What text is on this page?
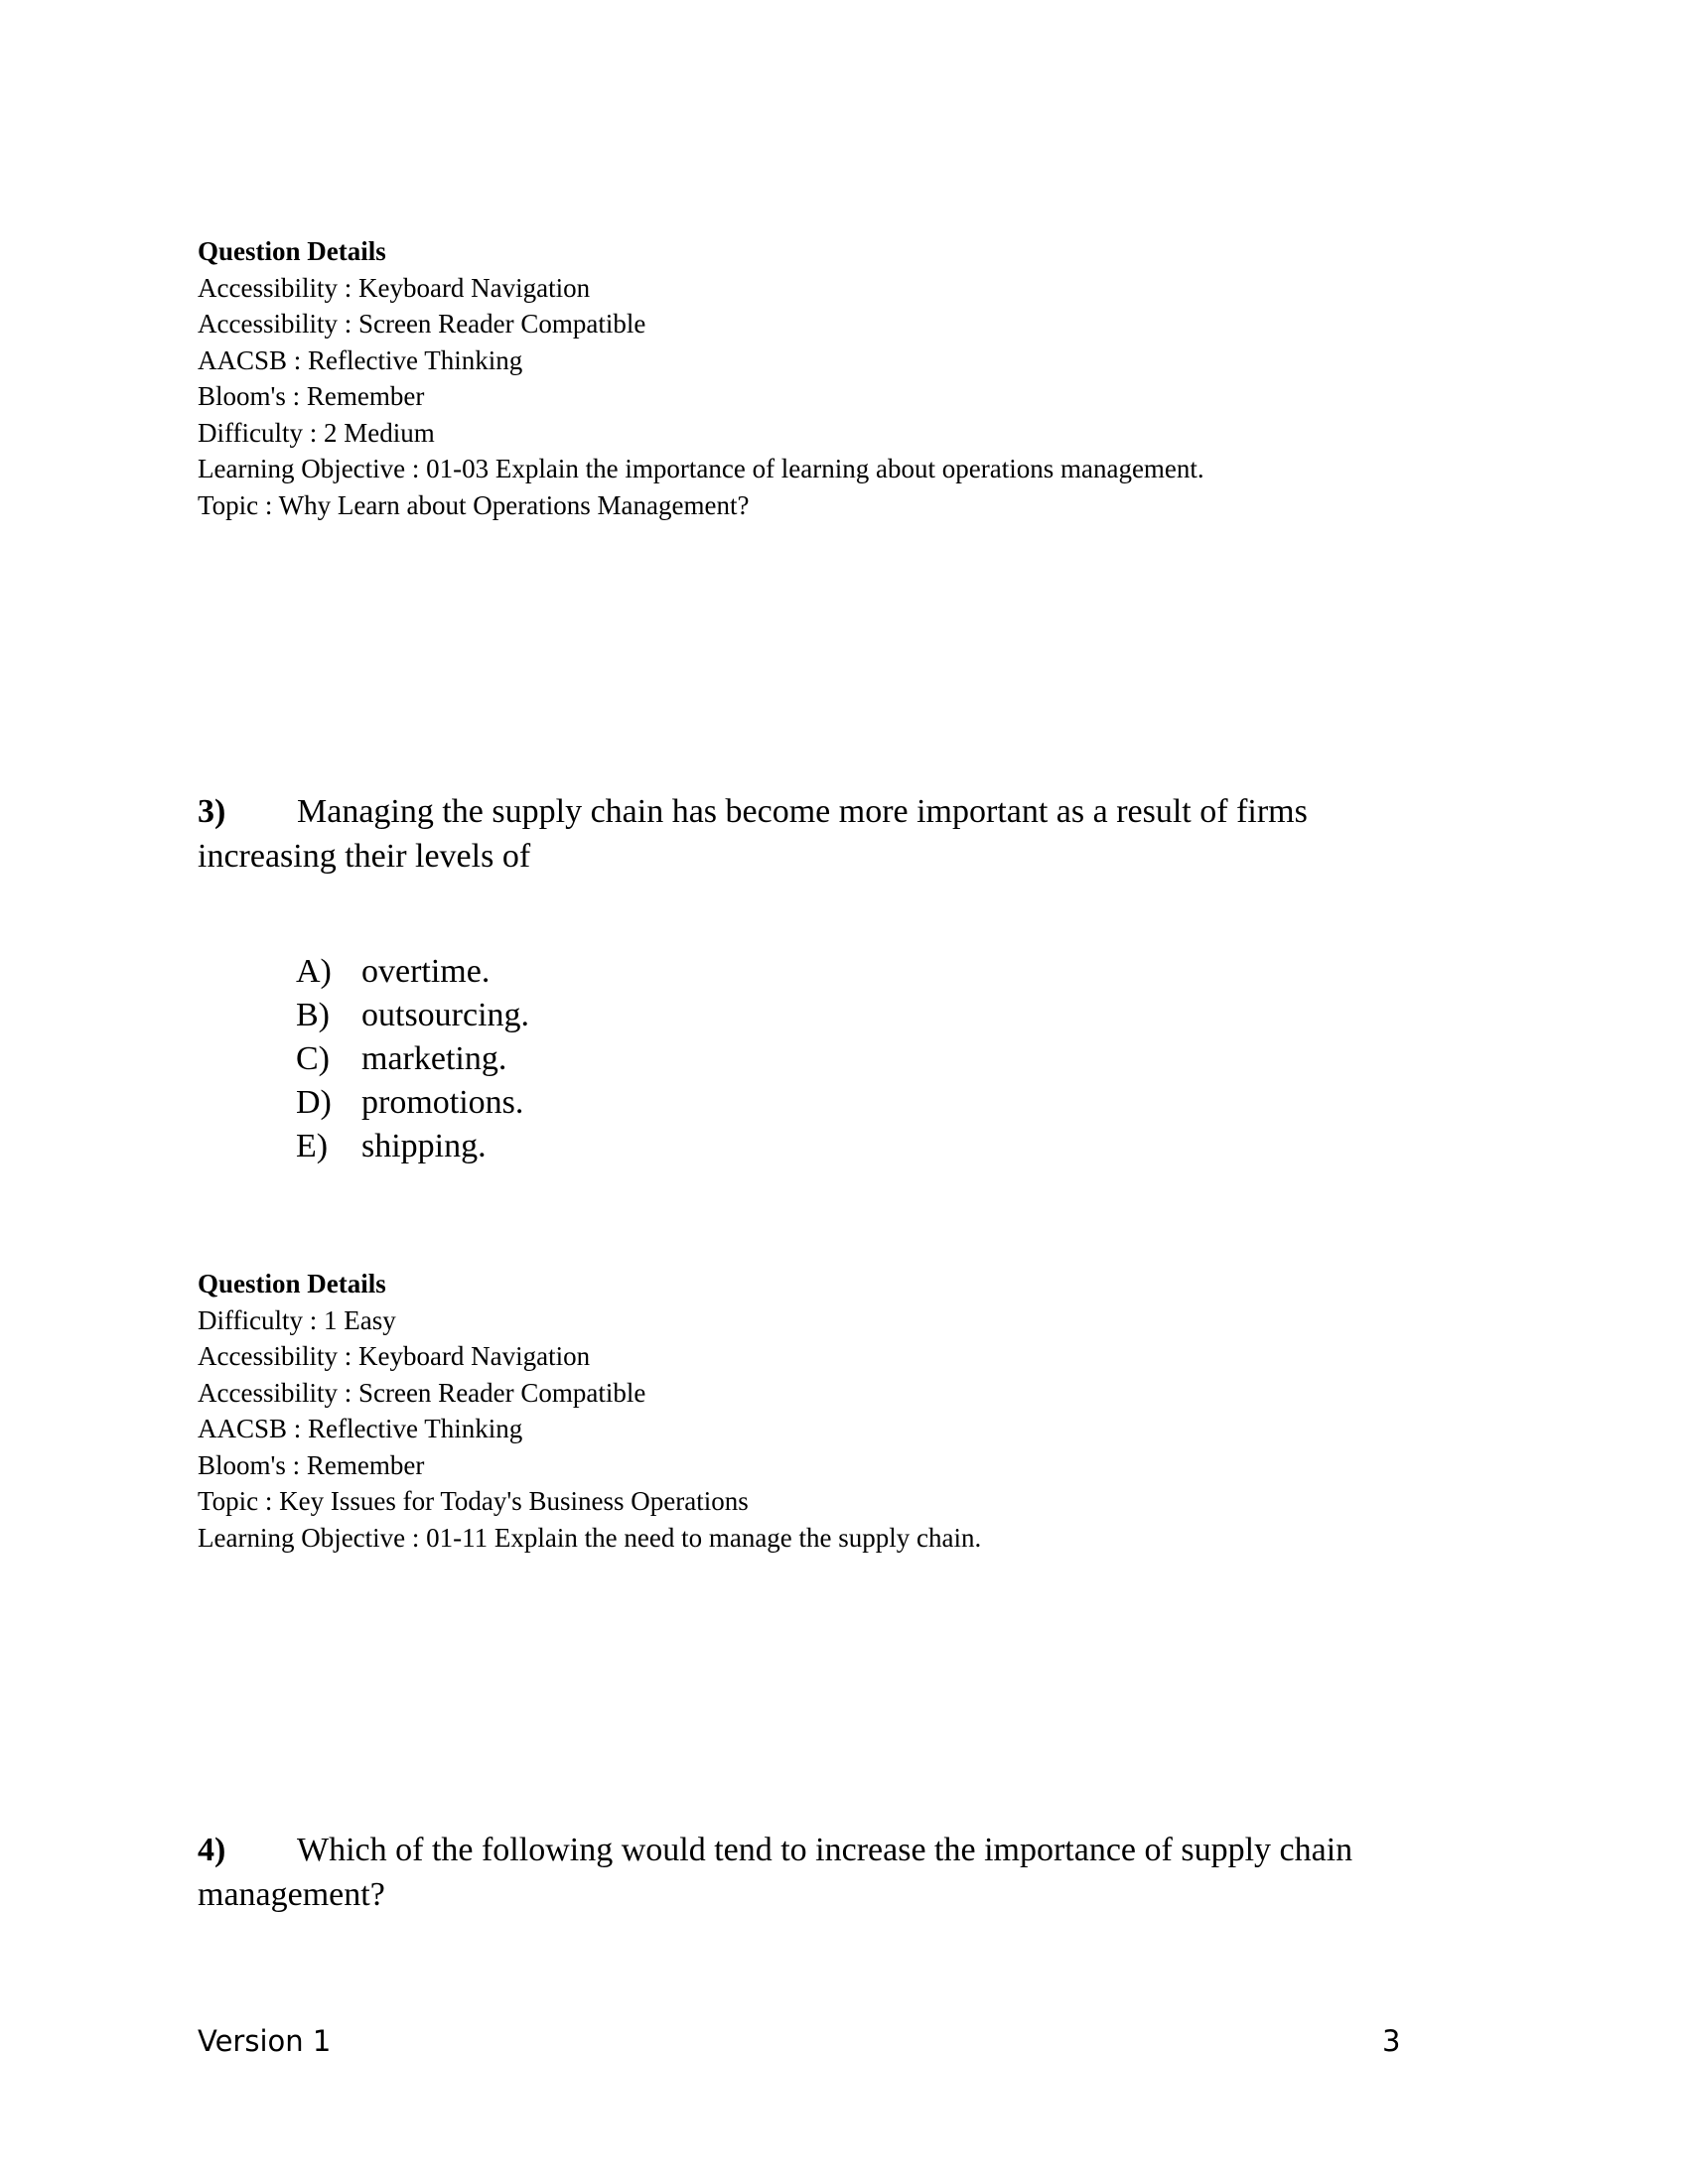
Question Details
Accessibility : Keyboard Navigation
Accessibility : Screen Reader Compatible
AACSB : Reflective Thinking
Bloom's : Remember
Difficulty : 2 Medium
Learning Objective : 01-03 Explain the importance of learning about operations management.
Topic : Why Learn about Operations Management?
3) Managing the supply chain has become more important as a result of firms increasing their levels of
A) overtime.
B) outsourcing.
C) marketing.
D) promotions.
E) shipping.
Question Details
Difficulty : 1 Easy
Accessibility : Keyboard Navigation
Accessibility : Screen Reader Compatible
AACSB : Reflective Thinking
Bloom's : Remember
Topic : Key Issues for Today's Business Operations
Learning Objective : 01-11 Explain the need to manage the supply chain.
4) Which of the following would tend to increase the importance of supply chain management?
Version 1	3
